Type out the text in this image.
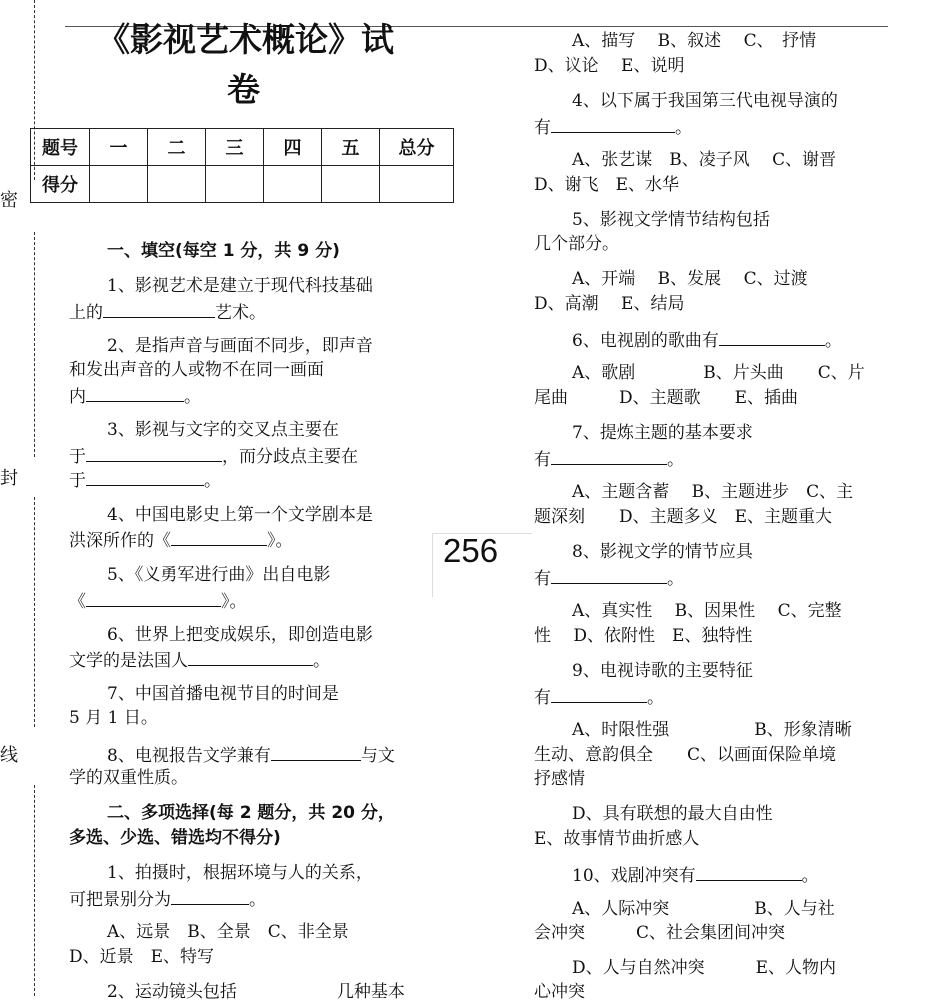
密
封
线
《影视艺术概论》试
卷
题号	一	二	三	四	五	总分
得分						
一、填空(每空 1 分，共 9 分)
1、影视艺术是建立于现代科技基础
上的	艺术。
2、是指声音与画面不同步，即声音
和发出声音的人或物不在同一画面
内	。
3、影视与文字的交叉点主要在
于	，而分歧点主要在
于	。
4、中国电影史上第一个文学剧本是
洪深所作的《	》。
5、《义勇军进行曲》出自电影
《	》。
6、世界上把变成娱乐，即创造电影
文学的是法国人	。
7、中国首播电视节目的时间是
5 月 1 日。
8、电视报告文学兼有	与文
学的双重性质。
二、多项选择(每 2 题分，共 20 分，
多选、少选、错选均不得分)
1、拍摄时，根据环境与人的关系，
可把景别分为	。
A、远景　B、全景　C、非全景
D、近景　E、特写
2、运动镜头包括	几种基本
256
A、描写　 B、叙述　 C、　抒情
D、议论　 E、说明
4、以下属于我国第三代电视导演的
有	。
A、张艺谋　B、凌子风　 C、谢晋
D、谢飞　E、水华
5、影视文学情节结构包括
几个部分。
A、开端　 B、发展　 C、过渡
D、高潮　 E、结局
6、电视剧的歌曲有	。
A、歌剧　　　　B、片头曲　　C、片
尾曲　　　D、主题歌　　E、插曲
7、提炼主题的基本要求
有	。
A、主题含蓄　 B、主题进步　C、主
题深刻　　D、主题多义　E、主题重大
8、影视文学的情节应具
有	。
A、真实性　 B、因果性　 C、完整
性　 D、依附性　E、独特性
9、电视诗歌的主要特征
有	。
A、时限性强　　　　　B、形象清晰
生动、意韵俱全　　C、以画面保险单境
抒感情
D、具有联想的最大自由性
E、故事情节曲折感人
10、戏剧冲突有	。
A、人际冲突　　　　　B、人与社
会冲突　　　C、社会集团间冲突
D、人与自然冲突　　　E、人物内
心冲突
